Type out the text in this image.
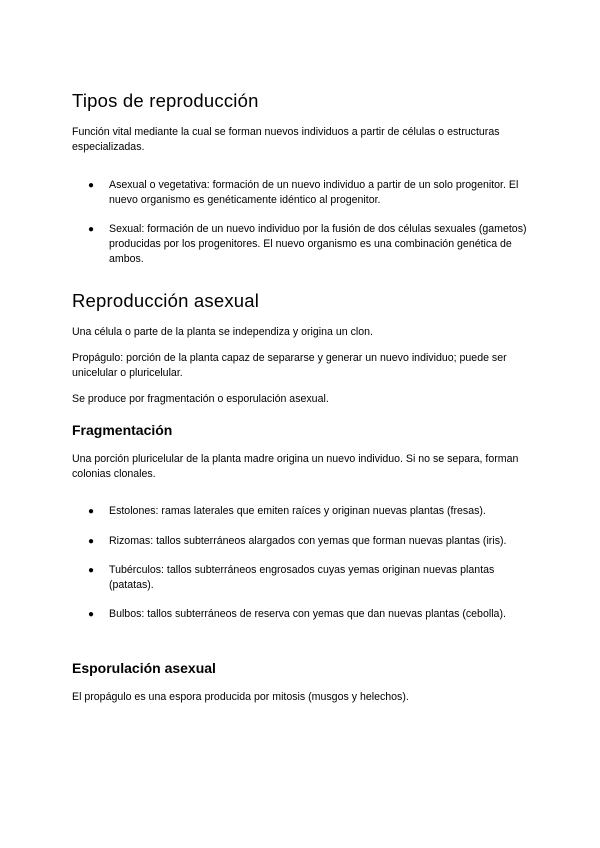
Tipos de reproducción

Función vital mediante la cual se forman nuevos individuos a partir de células o estructuras especializadas.

●	Asexual o vegetativa: formación de un nuevo individuo a partir de un solo progenitor. El nuevo organismo es genéticamente idéntico al progenitor.
●	Sexual: formación de un nuevo individuo por la fusión de dos células sexuales (gametos) producidas por los progenitores. El nuevo organismo es una combinación genética de ambos.
Reproducción asexual

Una célula o parte de la planta se independiza y origina un clon.

Propágulo: porción de la planta capaz de separarse y generar un nuevo individuo; puede ser unicelular o pluricelular.

Se produce por fragmentación o esporulación asexual.

Fragmentación

Una porción pluricelular de la planta madre origina un nuevo individuo. Si no se separa, forman colonias clonales.

●	Estolones: ramas laterales que emiten raíces y originan nuevas plantas (fresas).
●	Rizomas: tallos subterráneos alargados con yemas que forman nuevas plantas (iris).
●	Tubérculos: tallos subterráneos engrosados cuyas yemas originan nuevas plantas (patatas).
●	Bulbos: tallos subterráneos de reserva con yemas que dan nuevas plantas (cebolla).
Esporulación asexual

El propágulo es una espora producida por mitosis (musgos y helechos).
